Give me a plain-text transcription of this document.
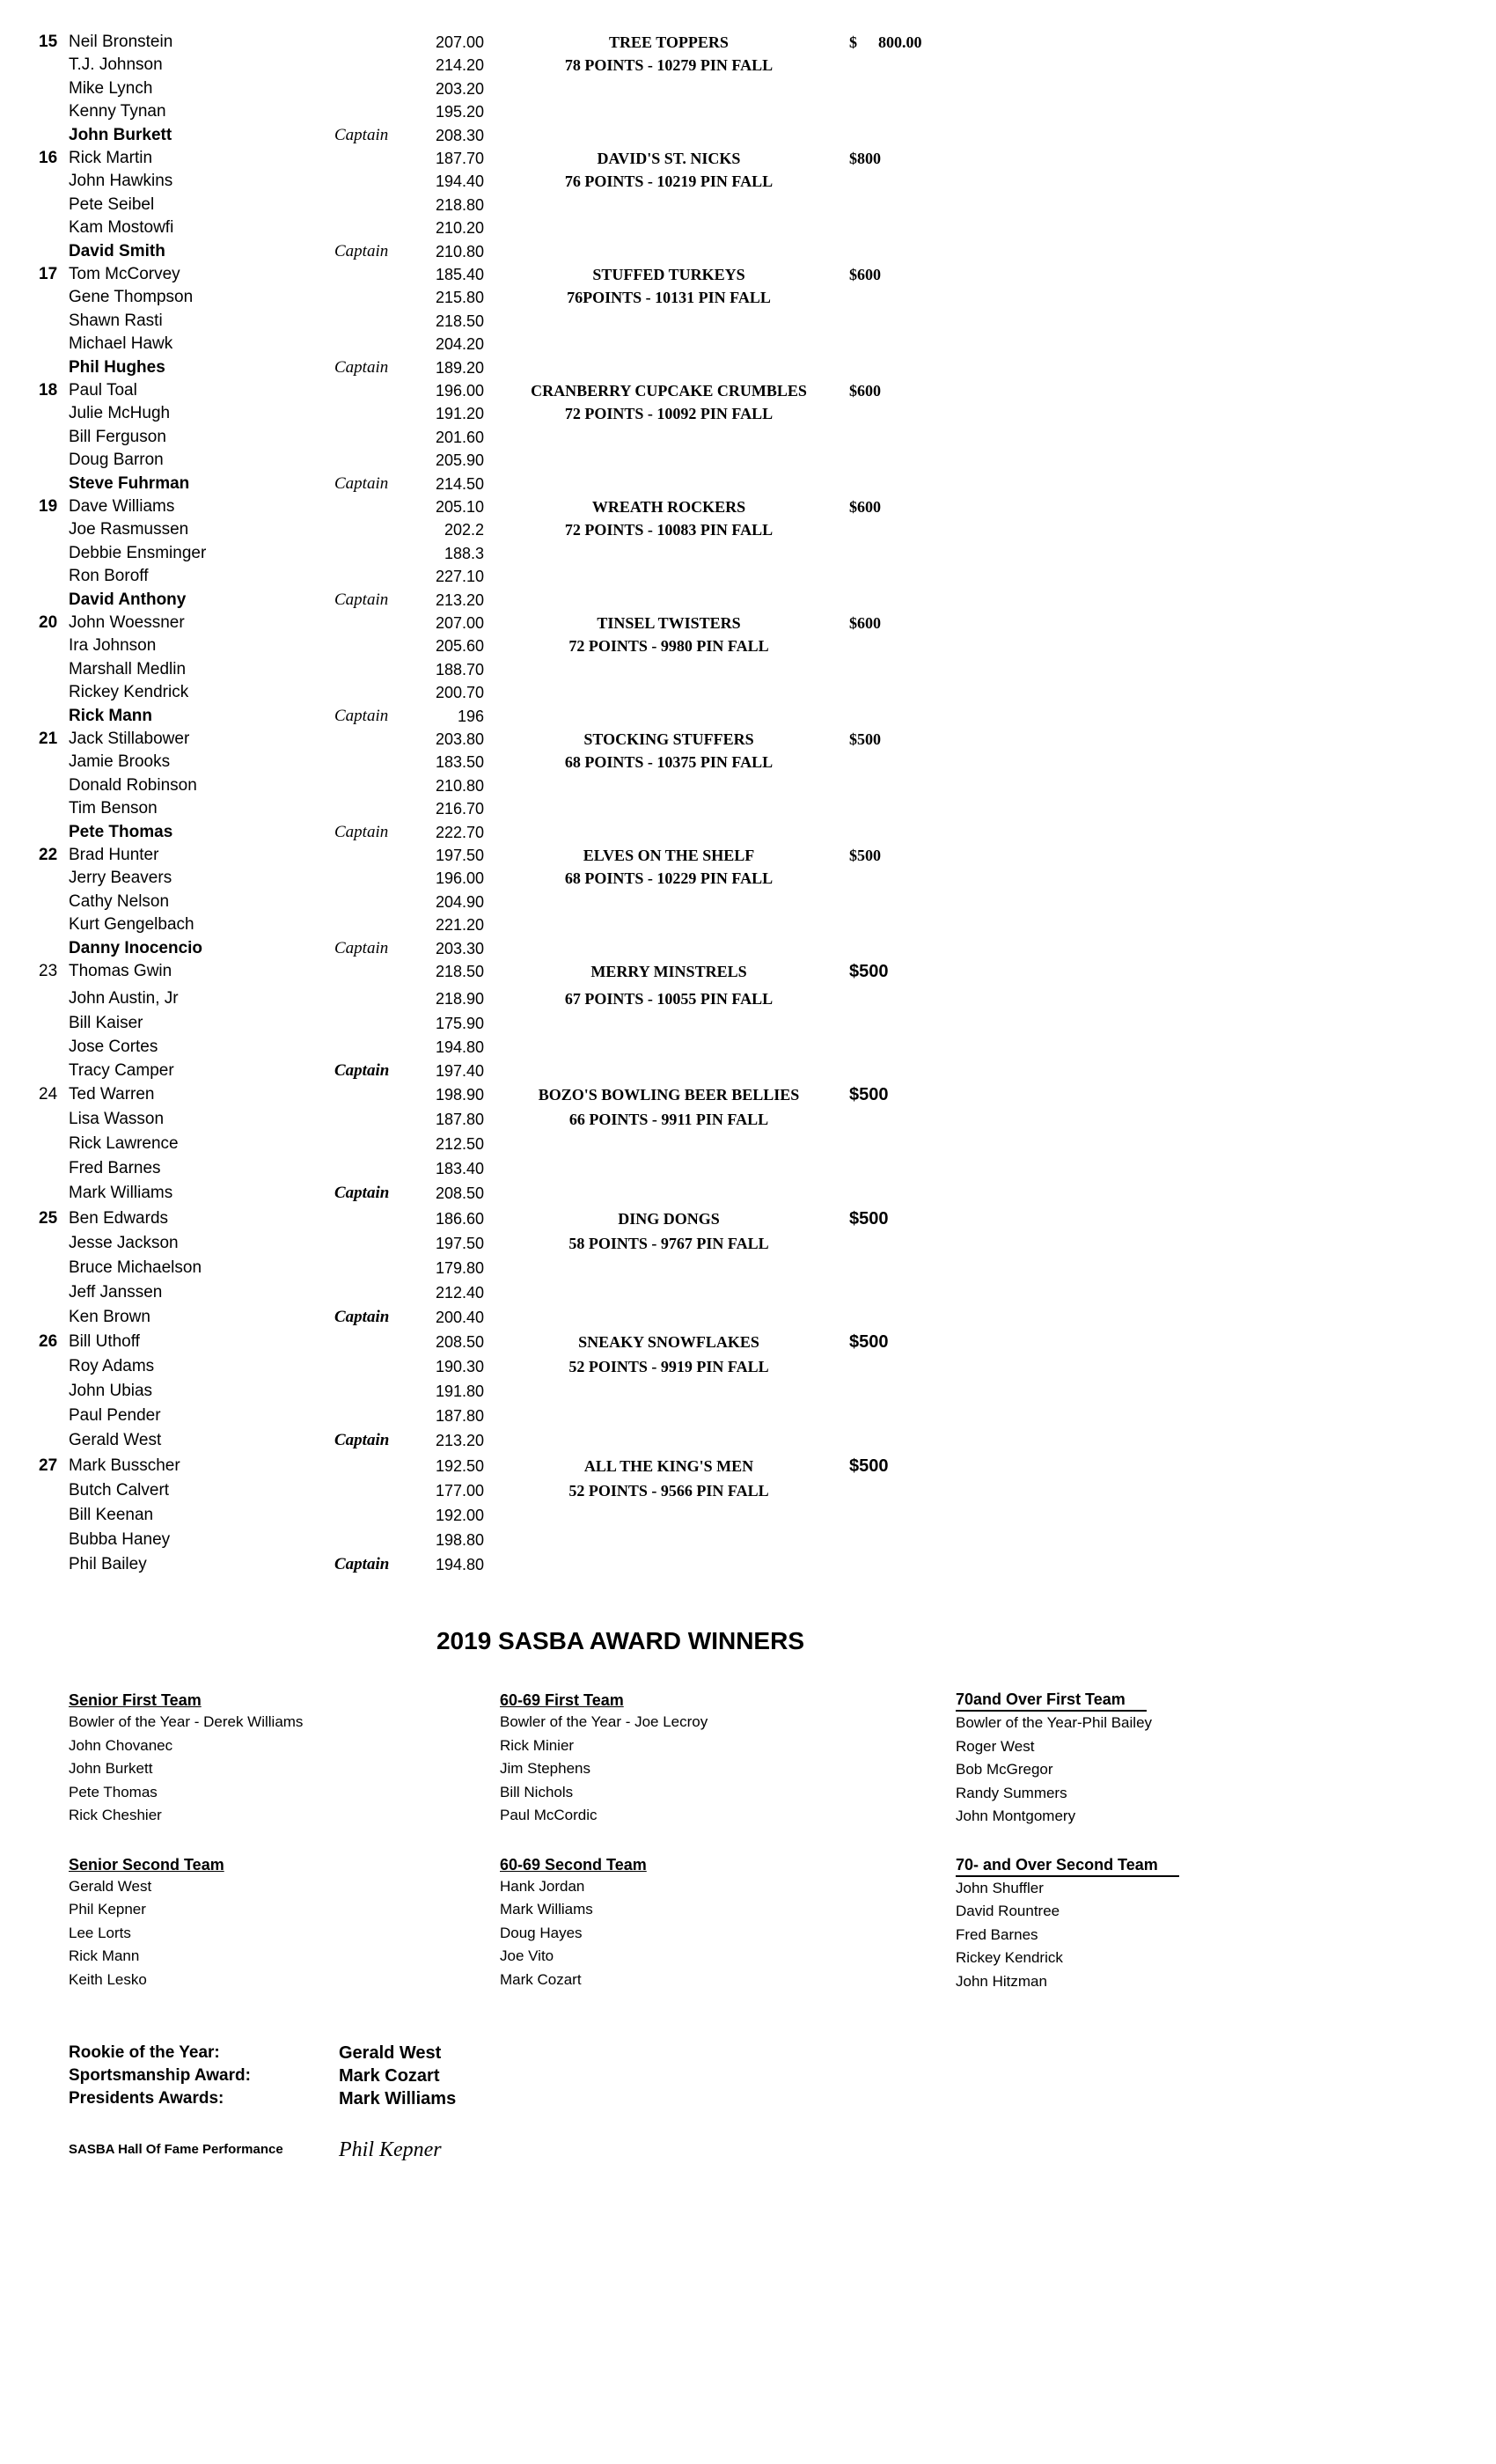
15 Neil Bronstein	207.00	TREE TOPPERS	$ 800.00
T.J. Johnson	214.20	78 POINTS - 10279 PIN FALL
Mike Lynch	203.20
Kenny Tynan	195.20
John Burkett	Captain	208.30
16 Rick Martin	187.70	DAVID'S ST. NICKS	$800
John Hawkins	194.40	76 POINTS - 10219 PIN FALL
Pete Seibel	218.80
Kam Mostowfi	210.20
David Smith	Captain	210.80
17 Tom McCorvey	185.40	STUFFED TURKEYS	$600
Gene Thompson	215.80	76POINTS - 10131 PIN FALL
Shawn Rasti	218.50
Michael Hawk	204.20
Phil Hughes	Captain	189.20
18 Paul Toal	196.00	CRANBERRY CUPCAKE CRUMBLES	$600
Julie McHugh	191.20	72 POINTS - 10092 PIN FALL
Bill Ferguson	201.60
Doug Barron	205.90
Steve Fuhrman	Captain	214.50
19 Dave Williams	205.10	WREATH ROCKERS	$600
Joe Rasmussen	202.2	72 POINTS - 10083 PIN FALL
Debbie Ensminger	188.3
Ron Boroff	227.10
David Anthony	Captain	213.20
20 John Woessner	207.00	TINSEL TWISTERS	$600
Ira Johnson	205.60	72 POINTS - 9980 PIN FALL
Marshall Medlin	188.70
Rickey Kendrick	200.70
Rick Mann	Captain	196
21 Jack Stillabower	203.80	STOCKING STUFFERS	$500
Jamie Brooks	183.50	68 POINTS - 10375 PIN FALL
Donald Robinson	210.80
Tim Benson	216.70
Pete Thomas	Captain	222.70
22 Brad Hunter	197.50	ELVES ON THE SHELF	$500
Jerry Beavers	196.00	68 POINTS - 10229 PIN FALL
Cathy Nelson	204.90
Kurt Gengelbach	221.20
Danny Inocencio	Captain	203.30
23 Thomas Gwin	218.50	MERRY MINSTRELS	$500
John Austin, Jr	218.90	67 POINTS - 10055 PIN FALL
Bill Kaiser	175.90
Jose Cortes	194.80
Tracy Camper	Captain	197.40
24 Ted Warren	198.90	BOZO'S BOWLING BEER BELLIES	$500
Lisa Wasson	187.80	66 POINTS - 9911 PIN FALL
Rick Lawrence	212.50
Fred Barnes	183.40
Mark Williams	Captain	208.50
25 Ben Edwards	186.60	DING DONGS	$500
Jesse Jackson	197.50	58 POINTS - 9767 PIN FALL
Bruce Michaelson	179.80
Jeff Janssen	212.40
Ken Brown	Captain	200.40
26 Bill Uthoff	208.50	SNEAKY SNOWFLAKES	$500
Roy Adams	190.30	52 POINTS - 9919 PIN FALL
John Ubias	191.80
Paul Pender	187.80
Gerald West	Captain	213.20
27 Mark Busscher	192.50	ALL THE KING'S MEN	$500
Butch Calvert	177.00	52 POINTS - 9566 PIN FALL
Bill Keenan	192.00
Bubba Haney	198.80
Phil Bailey	Captain	194.80
2019 SASBA AWARD WINNERS
Senior First Team
Bowler of the Year - Derek Williams
John Chovanec
John Burkett
Pete Thomas
Rick Cheshier
Senior Second Team
Gerald West
Phil Kepner
Lee Lorts
Rick Mann
Keith Lesko
60-69 First Team
Bowler of the Year - Joe Lecroy
Rick Minier
Jim Stephens
Bill Nichols
Paul McCordic
60-69 Second Team
Hank Jordan
Mark Williams
Doug Hayes
Joe Vito
Mark Cozart
70and Over First Team
Bowler of the Year-Phil Bailey
Roger West
Bob McGregor
Randy Summers
John Montgomery
70- and Over Second Team
John Shuffler
David Rountree
Fred Barnes
Rickey Kendrick
John Hitzman
Rookie of the Year:	Gerald West
Sportsmanship Award:	Mark Cozart
Presidents Awards:	Mark Williams
SASBA Hall Of Fame Performance	Phil Kepner
